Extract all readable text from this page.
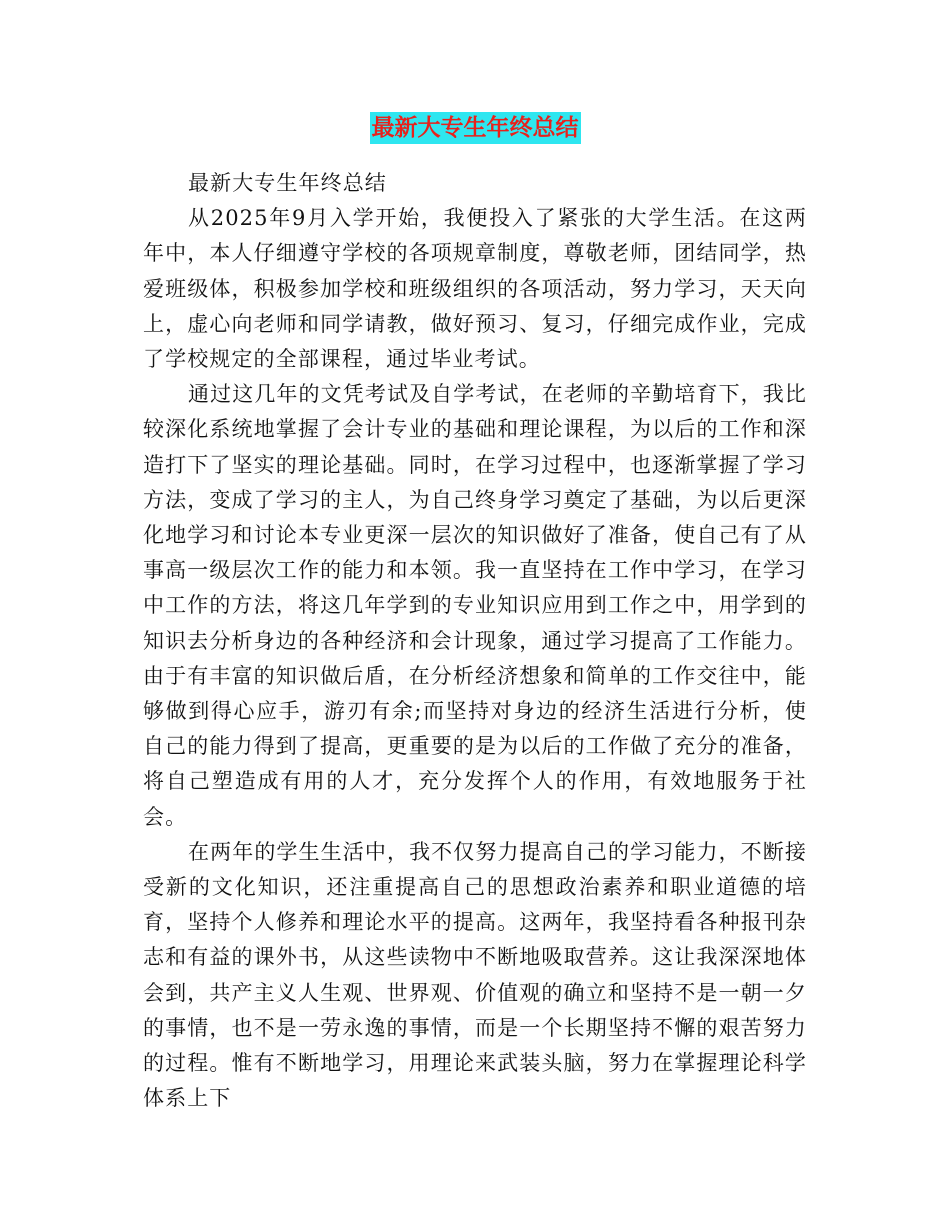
最新大专生年终总结

最新大专生年终总结

从2025年9月入学开始，我便投入了紧张的大学生活。在这两年中，本人仔细遵守学校的各项规章制度，尊敬老师，团结同学，热爱班级体，积极参加学校和班级组织的各项活动，努力学习，天天向上，虚心向老师和同学请教，做好预习、复习，仔细完成作业，完成了学校规定的全部课程，通过毕业考试。

通过这几年的文凭考试及自学考试，在老师的辛勤培育下，我比较深化系统地掌握了会计专业的基础和理论课程，为以后的工作和深造打下了坚实的理论基础。同时，在学习过程中，也逐渐掌握了学习方法，变成了学习的主人，为自己终身学习奠定了基础，为以后更深化地学习和讨论本专业更深一层次的知识做好了准备，使自己有了从事高一级层次工作的能力和本领。我一直坚持在工作中学习，在学习中工作的方法，将这几年学到的专业知识应用到工作之中，用学到的知识去分析身边的各种经济和会计现象，通过学习提高了工作能力。由于有丰富的知识做后盾，在分析经济想象和简单的工作交往中，能够做到得心应手，游刃有余;而坚持对身边的经济生活进行分析，使自己的能力得到了提高，更重要的是为以后的工作做了充分的准备，将自己塑造成有用的人才，充分发挥个人的作用，有效地服务于社会。

在两年的学生生活中，我不仅努力提高自己的学习能力，不断接受新的文化知识，还注重提高自己的思想政治素养和职业道德的培育，坚持个人修养和理论水平的提高。这两年，我坚持看各种报刊杂志和有益的课外书，从这些读物中不断地吸取营养。这让我深深地体会到，共产主义人生观、世界观、价值观的确立和坚持不是一朝一夕的事情，也不是一劳永逸的事情，而是一个长期坚持不懈的艰苦努力的过程。惟有不断地学习，用理论来武装头脑，努力在掌握理论科学体系上下
